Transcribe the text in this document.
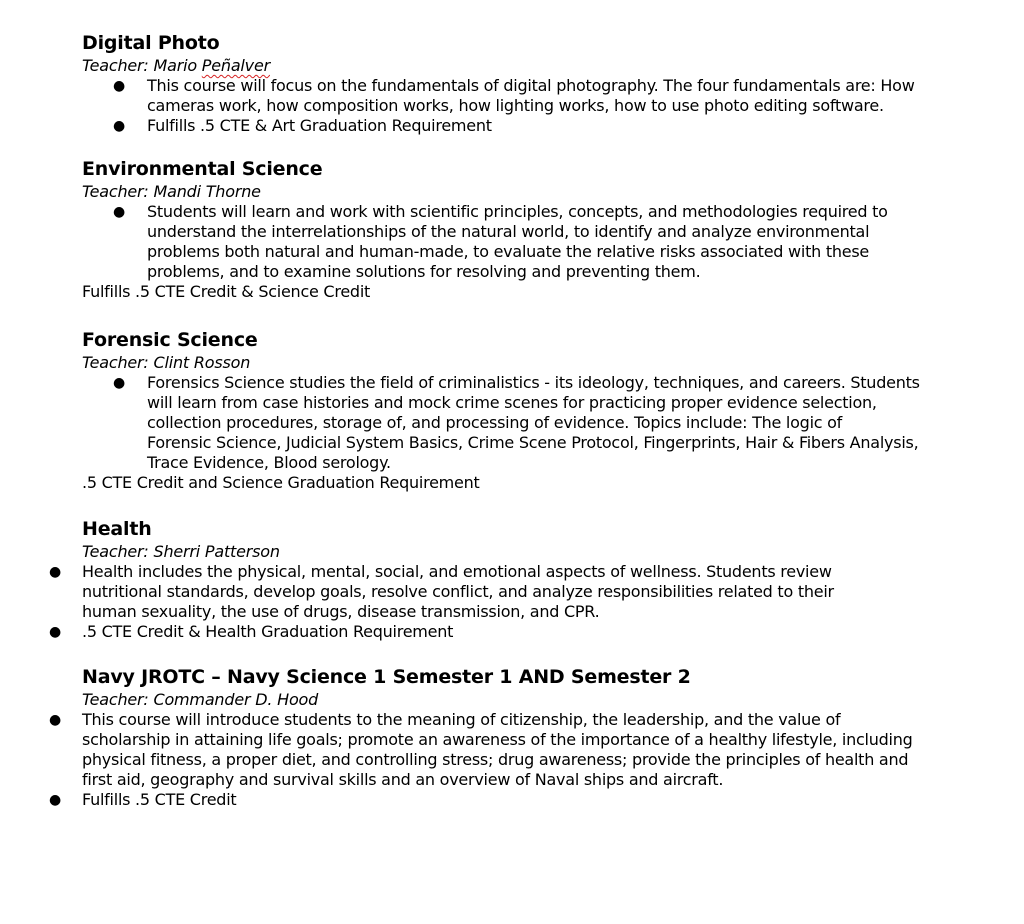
Digital Photo
Teacher: Mario Peñalver
● This course will focus on the fundamentals of digital photography. The four fundamentals are: How
cameras work, how composition works, how lighting works, how to use photo editing software.
● Fulfills .5 CTE & Art Graduation Requirement
Environmental Science
Teacher: Mandi Thorne
● Students will learn and work with scientific principles, concepts, and methodologies required to
understand the interrelationships of the natural world, to identify and analyze environmental
problems both natural and human-made, to evaluate the relative risks associated with these
problems, and to examine solutions for resolving and preventing them.
Fulfills .5 CTE Credit & Science Credit
Forensic Science
Teacher: Clint Rosson
● Forensics Science studies the field of criminalistics - its ideology, techniques, and careers. Students
will learn from case histories and mock crime scenes for practicing proper evidence selection,
collection procedures, storage of, and processing of evidence. Topics include: The logic of
Forensic Science, Judicial System Basics, Crime Scene Protocol, Fingerprints, Hair & Fibers Analysis,
Trace Evidence, Blood serology.
.5 CTE Credit and Science Graduation Requirement
Health
Teacher: Sherri Patterson
● Health includes the physical, mental, social, and emotional aspects of wellness. Students review
nutritional standards, develop goals, resolve conflict, and analyze responsibilities related to their
human sexuality, the use of drugs, disease transmission, and CPR.
● .5 CTE Credit & Health Graduation Requirement
Navy JROTC – Navy Science 1 Semester 1 AND Semester 2
Teacher: Commander D. Hood
● This course will introduce students to the meaning of citizenship, the leadership, and the value of
scholarship in attaining life goals; promote an awareness of the importance of a healthy lifestyle, including
physical fitness, a proper diet, and controlling stress; drug awareness; provide the principles of health and
first aid, geography and survival skills and an overview of Naval ships and aircraft.
● Fulfills .5 CTE Credit
